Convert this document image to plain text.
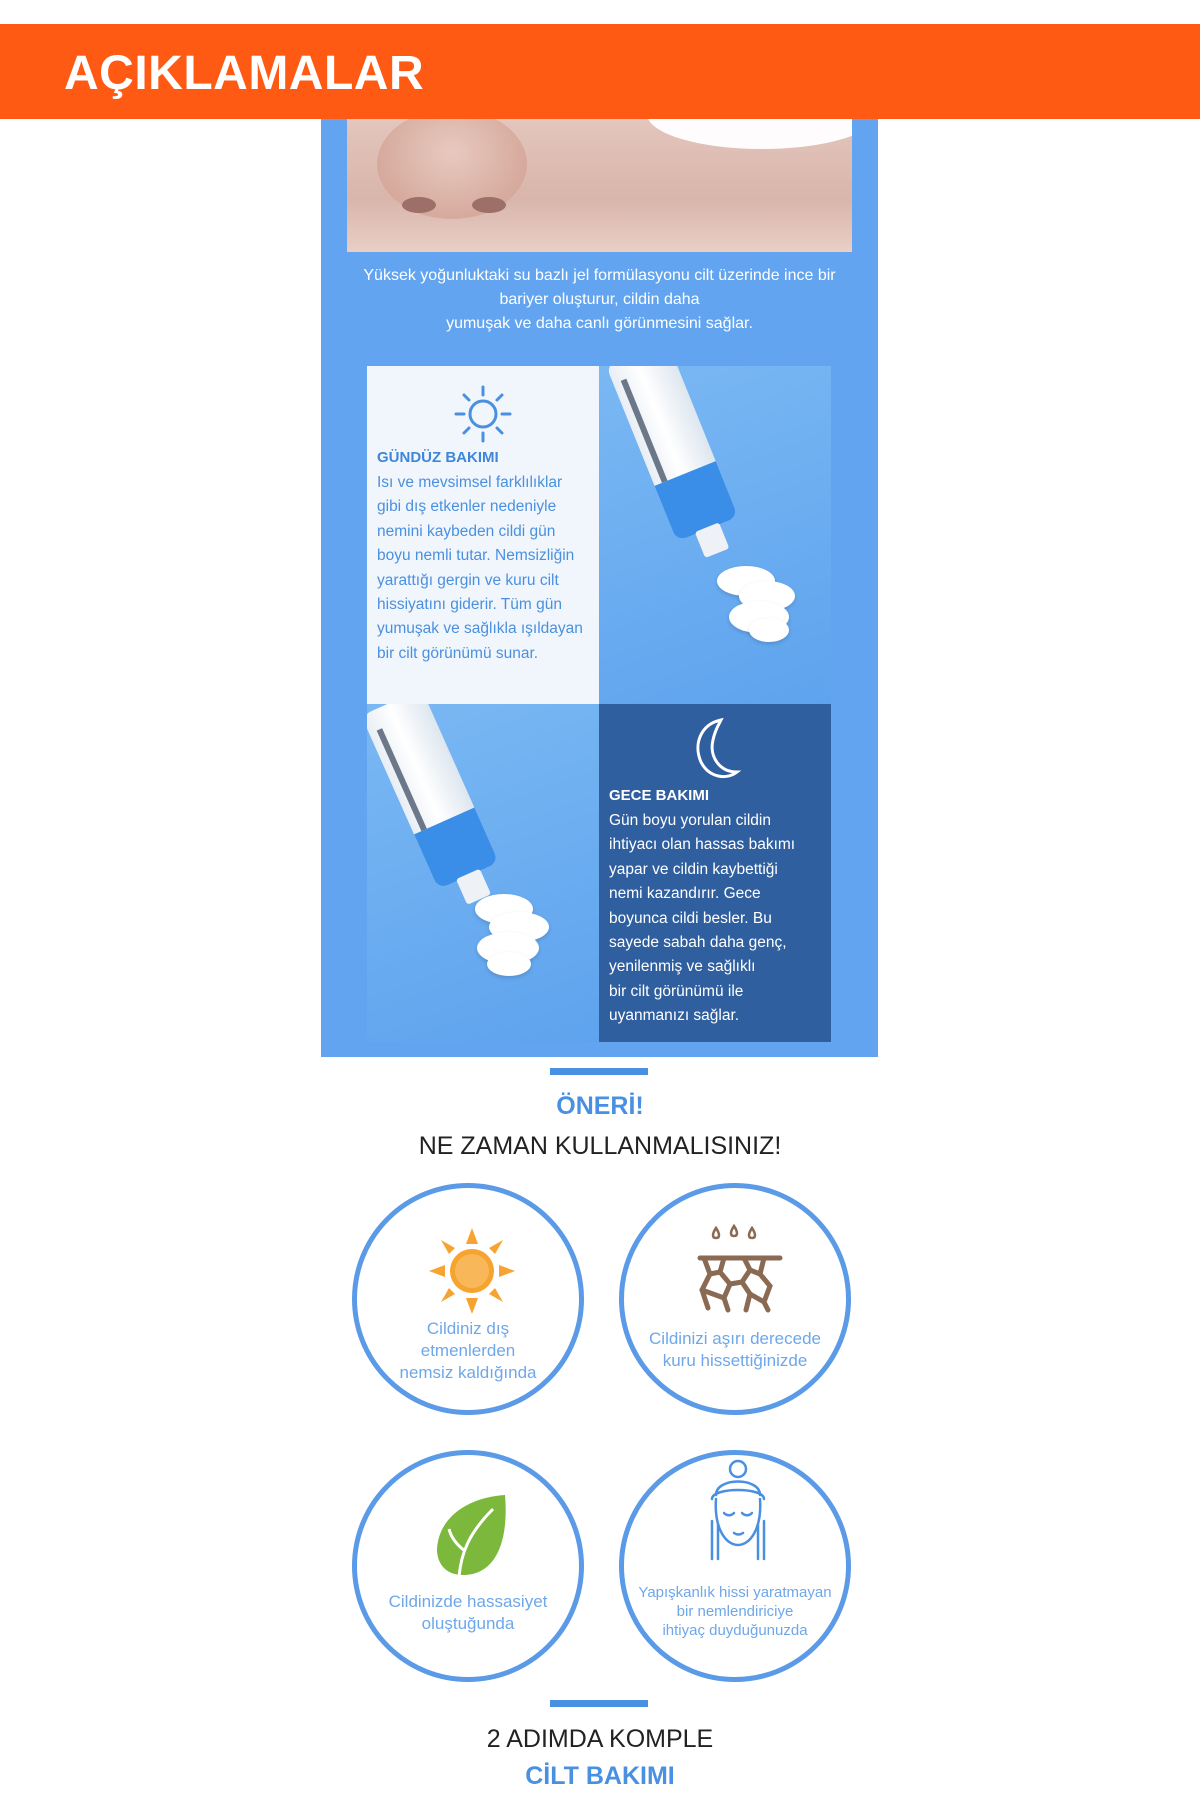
AÇIKLAMALAR
Yüksek yoğunluktaki su bazlı jel formülasyonu cilt üzerinde ince bir
bariyer oluşturur, cildin daha
yumuşak ve daha canlı görünmesini sağlar.
GÜNDÜZ BAKIMI
Isı ve mevsimsel farklılıklar
gibi dış etkenler nedeniyle
nemini kaybeden cildi gün
boyu nemli tutar. Nemsizliğin
yarattığı gergin ve kuru cilt
hissiyatını giderir. Tüm gün
yumuşak ve sağlıkla ışıldayan
bir cilt görünümü sunar.
GECE BAKIMI
Gün boyu yorulan cildin
ihtiyacı olan hassas bakımı
yapar ve cildin kaybettiği
nemi kazandırır. Gece
boyunca cildi besler. Bu
sayede sabah daha genç,
yenilenmiş ve sağlıklı
bir cilt görünümü ile
uyanmanızı sağlar.
ÖNERİ!
NE ZAMAN KULLANMALISINIZ!
Cildiniz dış
etmenlerden
nemsiz kaldığında
Cildinizi aşırı derecede
kuru hissettiğinizde
Cildinizde hassasiyet
oluştuğunda
Yapışkanlık hissi yaratmayan
bir nemlendiriciye
ihtiyaç duyduğunuzda
2 ADIMDA KOMPLE
CİLT BAKIMI
